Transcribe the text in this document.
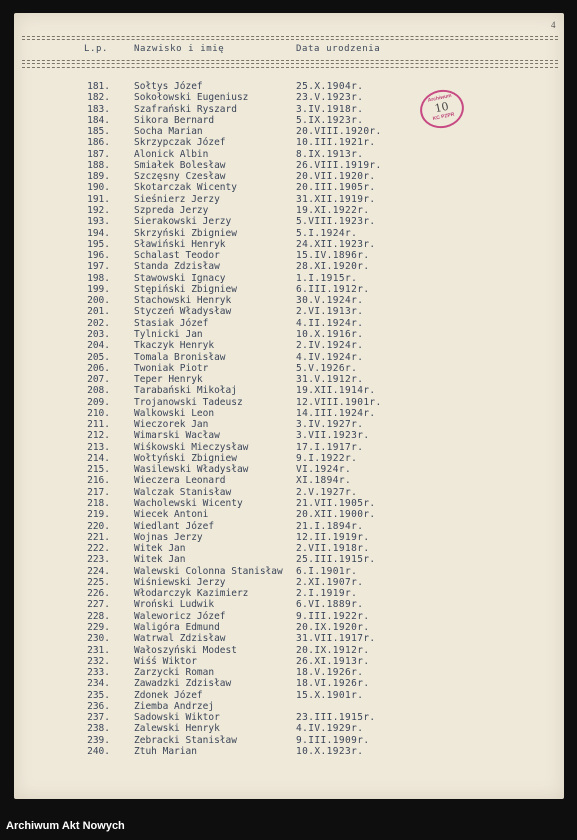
4
L.p.	Nazwisko i imię	Data urodzenia
181.	Sołtys Józef	25.X.1904r.
182.	Sokołowski Eugeniusz	23.V.1923r.
183.	Szafrański Ryszard	3.IV.1918r.
184.	Sikora Bernard	5.IX.1923r.
185.	Socha Marian	20.VIII.1920r.
186.	Skrzypczak Józef	10.III.1921r.
187.	Alonick Albin	8.IX.1913r.
188.	Smiałek Bolesław	26.VIII.1919r.
189.	Szczęsny Czesław	20.VII.1920r.
190.	Skotarczak Wicenty	20.III.1905r.
191.	Sieśnierz Jerzy	31.XII.1919r.
192.	Szpreda Jerzy	19.XI.1922r.
193.	Sierakowski Jerzy	5.VIII.1923r.
194.	Skrzyński Zbigniew	5.I.1924r.
195.	Sławiński Henryk	24.XII.1923r.
196.	Schalast Teodor	15.IV.1896r.
197.	Standa Zdzisław	28.XI.1920r.
198.	Stawowski Ignacy	1.I.1915r.
199.	Stępiński Zbigniew	6.III.1912r.
200.	Stachowski Henryk	30.V.1924r.
201.	Styczeń Władysław	2.VI.1913r.
202.	Stasiak Józef	4.II.1924r.
203.	Tylnicki Jan	10.X.1916r.
204.	Tkaczyk Henryk	2.IV.1924r.
205.	Tomala Bronisław	4.IV.1924r.
206.	Twoniak Piotr	5.V.1926r.
207.	Teper Henryk	31.V.1912r.
208.	Tarabański Mikołaj	19.XII.1914r.
209.	Trojanowski Tadeusz	12.VIII.1901r.
210.	Walkowski Leon	14.III.1924r.
211.	Wieczorek Jan	3.IV.1927r.
212.	Wimarski Wacław	3.VII.1923r.
213.	Wiśkowski Mieczysław	17.I.1917r.
214.	Wołtyński Zbigniew	9.I.1922r.
215.	Wasilewski Władysław	VI.1924r.
216.	Wieczera Leonard	XI.1894r.
217.	Walczak Stanisław	2.V.1927r.
218.	Wacholewski Wicenty	21.VII.1905r.
219.	Wiecek Antoni	20.XII.1900r.
220.	Wiedlant Józef	21.I.1894r.
221.	Wojnas Jerzy	12.II.1919r.
222.	Witek Jan	2.VII.1918r.
223.	Witek Jan	25.III.1915r.
224.	Walewski Colonna Stanisław 6.I.1901r.
225.	Wiśniewski Jerzy	2.XI.1907r.
226.	Włodarczyk Kazimierz	2.I.1919r.
227.	Wroński Ludwik	6.VI.1889r.
228.	Waleworicz Józef	9.III.1922r.
229.	Waligóra Edmund	20.IX.1920r.
230.	Watrwal Zdzisław	31.VII.1917r.
231.	Wałoszyński Modest	20.IX.1912r.
232.	Wiśś Wiktor	26.XI.1913r.
233.	Zarzycki Roman	18.V.1926r.
234.	Zawadzki Zdzisław	18.VI.1926r.
235.	Zdonek Józef	15.X.1901r.
236.	Ziemba Andrzej
237.	Sadowski Wiktor	23.III.1915r.
238.	Zalewski Henryk	4.IV.1929r.
239.	Zebracki Stanisław	9.III.1909r.
240.	Ztuh Marian	10.X.1923r.
Archiwum
10
KC PZPR
Archiwum Akt Nowych
